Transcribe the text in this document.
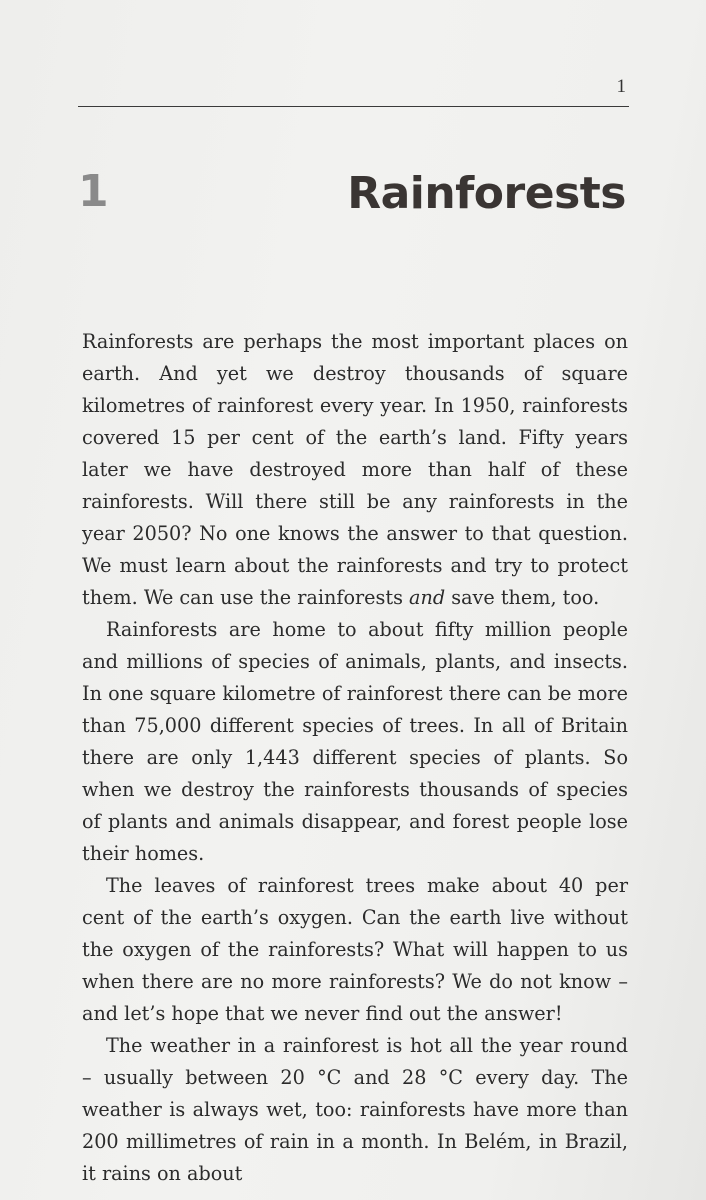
1
1	Rainforests

Rainforests are perhaps the most important places on earth. And yet we destroy thousands of square kilometres of rainforest every year. In 1950, rainforests covered 15 per cent of the earth’s land. Fifty years later we have destroyed more than half of these rainforests. Will there still be any rainforests in the year 2050? No one knows the answer to that question. We must learn about the rainforests and try to protect them. We can use the rainforests and save them, too.

Rainforests are home to about fifty million people and millions of species of animals, plants, and insects. In one square kilometre of rainforest there can be more than 75,000 different species of trees. In all of Britain there are only 1,443 different species of plants. So when we destroy the rainforests thousands of species of plants and animals disappear, and forest people lose their homes.

The leaves of rainforest trees make about 40 per cent of the earth’s oxygen. Can the earth live without the oxygen of the rainforests? What will happen to us when there are no more rainforests? We do not know – and let’s hope that we never find out the answer!

The weather in a rainforest is hot all the year round – usually between 20 °C and 28 °C every day. The weather is always wet, too: rainforests have more than 200 millimetres of rain in a month. In Belém, in Brazil, it rains on about
